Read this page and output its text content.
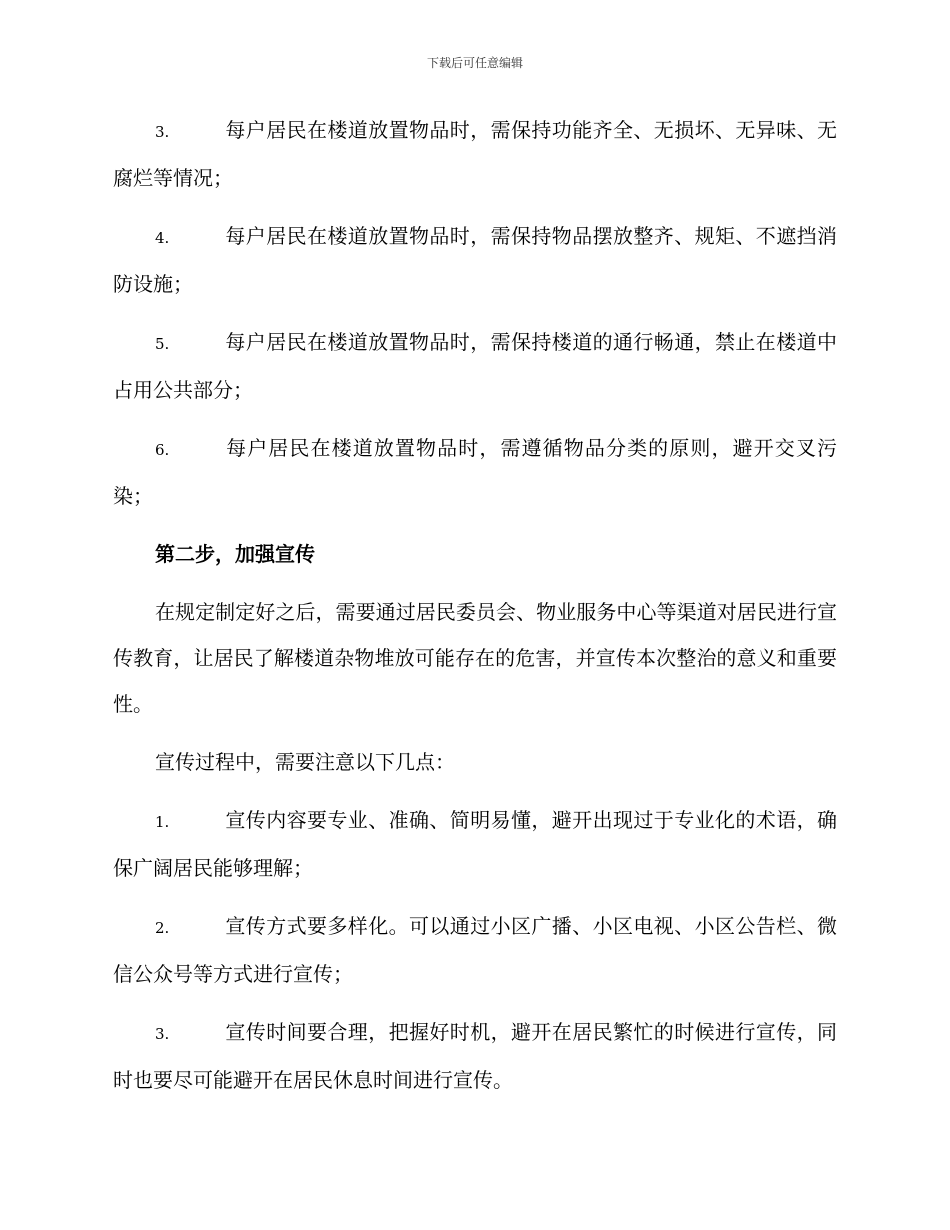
下载后可任意编辑
3.	每户居民在楼道放置物品时，需保持功能齐全、无损坏、无异味、无腐烂等情况；
4.	每户居民在楼道放置物品时，需保持物品摆放整齐、规矩、不遮挡消防设施；
5.	每户居民在楼道放置物品时，需保持楼道的通行畅通，禁止在楼道中占用公共部分；
6.	每户居民在楼道放置物品时，需遵循物品分类的原则，避开交叉污染；
第二步，加强宣传
在规定制定好之后，需要通过居民委员会、物业服务中心等渠道对居民进行宣传教育，让居民了解楼道杂物堆放可能存在的危害，并宣传本次整治的意义和重要性。
宣传过程中，需要注意以下几点：
1.	宣传内容要专业、准确、简明易懂，避开出现过于专业化的术语，确保广阔居民能够理解；
2.	宣传方式要多样化。可以通过小区广播、小区电视、小区公告栏、微信公众号等方式进行宣传；
3.	宣传时间要合理，把握好时机，避开在居民繁忙的时候进行宣传，同时也要尽可能避开在居民休息时间进行宣传。
